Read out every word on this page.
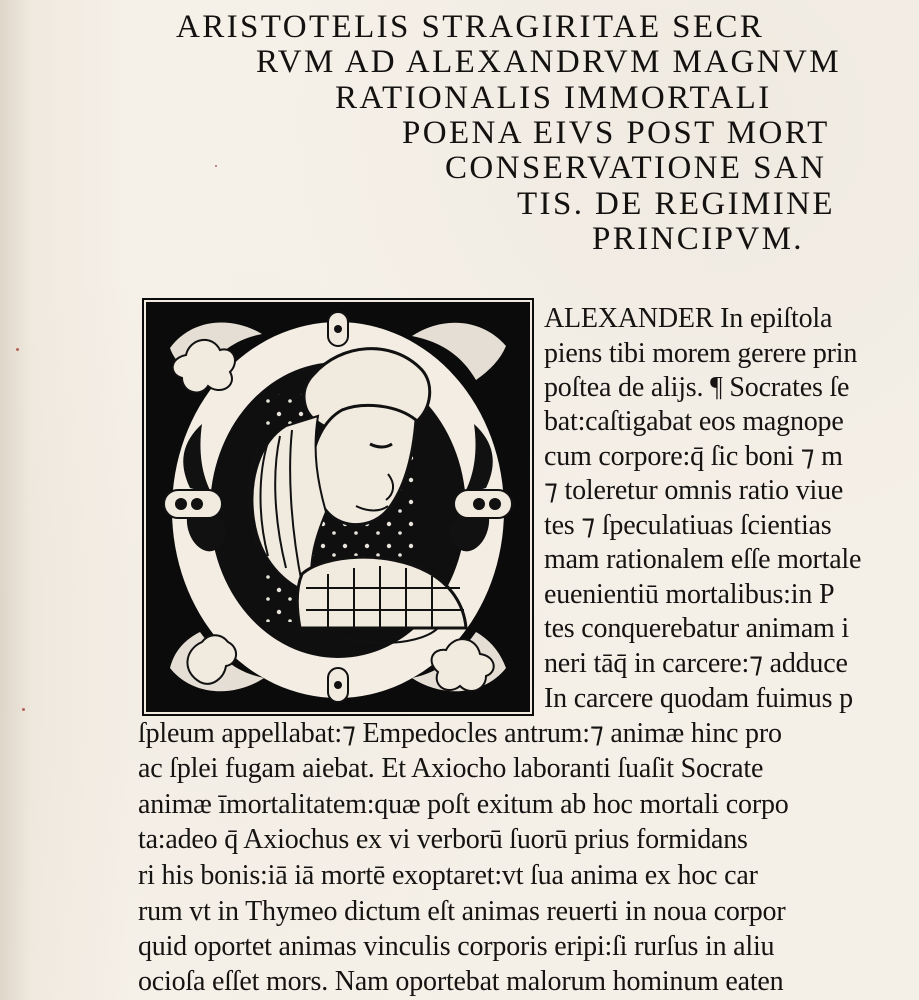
ARISTOTELIS STRAGIRITAE SECR
RVM AD ALEXANDRVM MAGNVM
RATIONALIS IMMORTALI
POENA EIVS POST MORT
CONSERVATIONE SAN
TIS. DE REGIMINE
PRINCIPVM.
ALEXANDER In epiſtola
piens tibi morem gerere prin
poſtea de alijs. ¶ Socrates ſe
bat:caſtigabat eos magnope
cum corpore:q̄ ſic boni ⁊ m
⁊ toleretur omnis ratio viue
tes ⁊ ſpeculatiuas ſcientias
mam rationalem eſſe mortale
euenientiū mortalibus:in P
tes conquerebatur animam i
neri tāq̄ in carcere:⁊ adduce
In carcere quodam fuimus p
ſpleum appellabat:⁊ Empedocles antrum:⁊ animæ hinc pro
ac ſplei fugam aiebat. Et Axiocho laboranti ſuaſit Socrate
animæ īmortalitatem:quæ poſt exitum ab hoc mortali corpo
ta:adeo q̄ Axiochus ex vi verborū ſuorū prius formidans
ri his bonis:iā iā mortē exoptaret:vt ſua anima ex hoc car
rum vt in Thymeo dictum eſt animas reuerti in noua corpor
quid oportet animas vinculis corporis eripi:ſi rurſus in aliu
ocioſa eſſet mors. Nam oportebat malorum hominum eaten
